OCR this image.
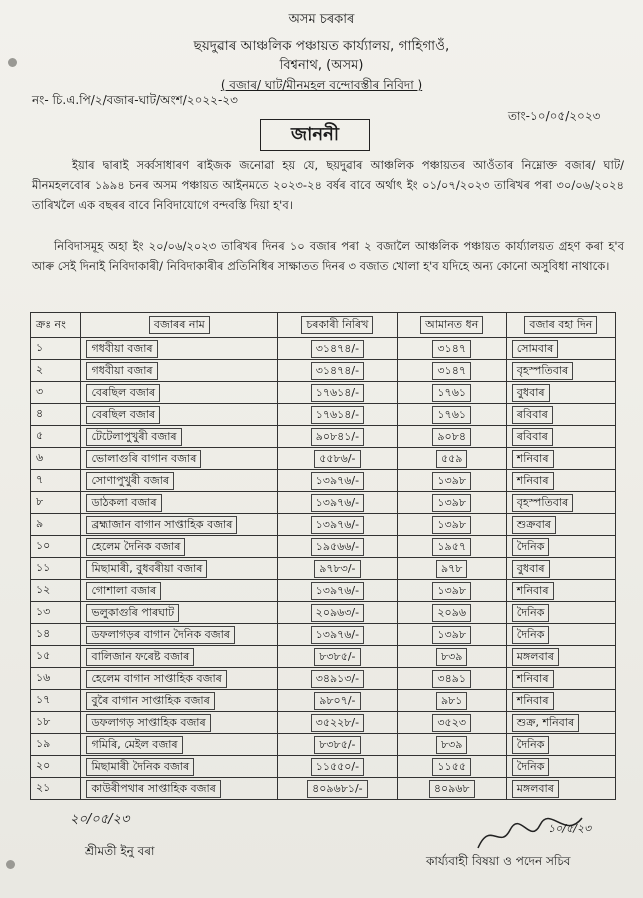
অসম চৰকাৰ
ছয়দুৱাৰ আঞ্চলিক পঞ্চায়ত কাৰ্য্যালয়, গাহিগাওঁ,
বিশ্বনাথ, (অসম)
( বজাৰ/ ঘাট/মীনমহল বন্দোবস্তীৰ নিবিদা )
নং- চি.এ.পি/২/বজাৰ-ঘাট/অংশ/২০২২-২৩
তাং-১০/০৫/২০২৩
জাননী
ইয়াৰ দ্বাৰাই সৰ্ব্বসাধাৰণ ৰাইজক জনোৱা হয় যে, ছয়দুৱাৰ আঞ্চলিক পঞ্চায়তৰ আওঁতাৰ নিম্নোক্ত বজাৰ/ ঘাট/ মীনমহলবোৰ ১৯৯৪ চনৰ অসম পঞ্চায়ত আইনমতে ২০২৩-২৪ বৰ্ষৰ বাবে অৰ্থাৎ ইং ০১/০৭/২০২৩ তাৰিখৰ পৰা ৩০/০৬/২০২৪ তাৰিখলৈ এক বছৰৰ বাবে নিবিদাযোগে বন্দবস্তি দিয়া হ'ব।
নিবিদাসমূহ অহা ইং ২০/০৬/২০২৩ তাৰিখৰ দিনৰ ১০ বজাৰ পৰা ২ বজালৈ আঞ্চলিক পঞ্চায়ত কাৰ্য্যালয়ত গ্ৰহণ কৰা হ'ব আৰু সেই দিনাই নিবিদাকাৰী/ নিবিদাকাৰীৰ প্ৰতিনিধিৰ সাক্ষাতত দিনৰ ৩ বজাত খোলা হ'ব যদিহে অন্য কোনো অসুবিধা নাথাকে।
ক্ৰঃ নং	বজাৰৰ নাম	চৰকাৰী নিৰিখ	আমানত ধন	বজাৰ বহা দিন
১	গধবীয়া বজাৰ	৩১৪৭৪/-	৩১৪৭	সোমবাৰ
২	গধবীয়া বজাৰ	৩১৪৭৪/-	৩১৪৭	বৃহস্পতিবাৰ
৩	বেৰছিল বজাৰ	১৭৬১৪/-	১৭৬১	বুধবাৰ
৪	বেৰছিল বজাৰ	১৭৬১৪/-	১৭৬১	ৰবিবাৰ
৫	টেটেলাপুখুৰী বজাৰ	৯০৮৪১/-	৯০৮৪	ৰবিবাৰ
৬	ভোলাগুৰি বাগান বজাৰ	৫৫৮৬/-	৫৫৯	শনিবাৰ
৭	সোণাপুখুৰী বজাৰ	১৩৯৭৬/-	১৩৯৮	শনিবাৰ
৮	ডাঠকলা বজাৰ	১৩৯৭৬/-	১৩৯৮	বৃহস্পতিবাৰ
৯	ব্ৰহ্মাজান বাগান সাপ্তাহিক বজাৰ	১৩৯৭৬/-	১৩৯৮	শুক্ৰবাৰ
১০	হেলেম দৈনিক বজাৰ	১৯৫৬৬/-	১৯৫৭	দৈনিক
১১	মিছামাৰী, বুধবৰীয়া বজাৰ	৯৭৮৩/-	৯৭৮	বুধবাৰ
১২	গোশালা বজাৰ	১৩৯৭৬/-	১৩৯৮	শনিবাৰ
১৩	ভলুকাগুৰি পাৰঘাট	২০৯৬৩/-	২০৯৬	দৈনিক
১৪	ডফলাগড়ৰ বাগান দৈনিক বজাৰ	১৩৯৭৬/-	১৩৯৮	দৈনিক
১৫	বালিজান ফৰেষ্ট বজাৰ	৮৩৮৫/-	৮৩৯	মঙ্গলবাৰ
১৬	হেলেম বাগান সাপ্তাহিক বজাৰ	৩৪৯১৩/-	৩৪৯১	শনিবাৰ
১৭	বুৰৈ বাগান সাপ্তাহিক বজাৰ	৯৮০৭/-	৯৮১	শনিবাৰ
১৮	ডফলাগড় সাপ্তাহিক বজাৰ	৩৫২২৮/-	৩৫২৩	শুক্ৰ, শনিবাৰ
১৯	গমিৰি, মেইল বজাৰ	৮৩৮৫/-	৮৩৯	দৈনিক
২০	মিছামাৰী দৈনিক বজাৰ	১১৫৫০/-	১১৫৫	দৈনিক
২১	কাউৰীপথাৰ সাপ্তাহিক বজাৰ	৪০৯৬৮১/-	৪০৯৬৮	মঙ্গলবাৰ
২০/০৫/২৩
শ্ৰীমতী ইনু বৰা
১০/৫/২৩
কাৰ্য্যবাহী বিষয়া ও পদেন সচিব
